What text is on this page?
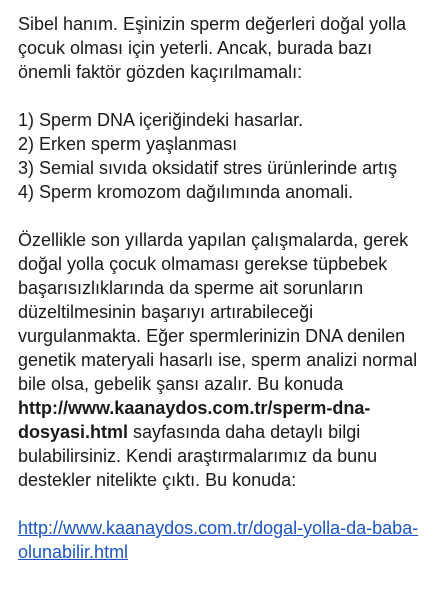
Sibel hanım. Eşinizin sperm değerleri doğal yolla çocuk olması için yeterli. Ancak, burada bazı önemli faktör gözden kaçırılmamalı:

1) Sperm DNA içeriğindeki hasarlar.
2) Erken sperm yaşlanması
3) Semial sıvıda oksidatif stres ürünlerinde artış
4) Sperm kromozom dağılımında anomali.

Özellikle son yıllarda yapılan çalışmalarda, gerek doğal yolla çocuk olmaması gerekse tüpbebek başarısızlıklarında da sperme ait sorunların düzeltilmesinin başarıyı artırabileceği vurgulanmakta. Eğer spermlerinizin DNA denilen genetik materyali hasarlı ise, sperm analizi normal bile olsa, gebelik şansı azalır. Bu konuda http://www.kaanaydos.com.tr/sperm-dna-dosyasi.html sayfasında daha detaylı bilgi bulabilirsiniz. Kendi araştırmalarımız da bunu destekler nitelikte çıktı. Bu konuda:

http://www.kaanaydos.com.tr/dogal-yolla-da-baba-olunabilir.html
